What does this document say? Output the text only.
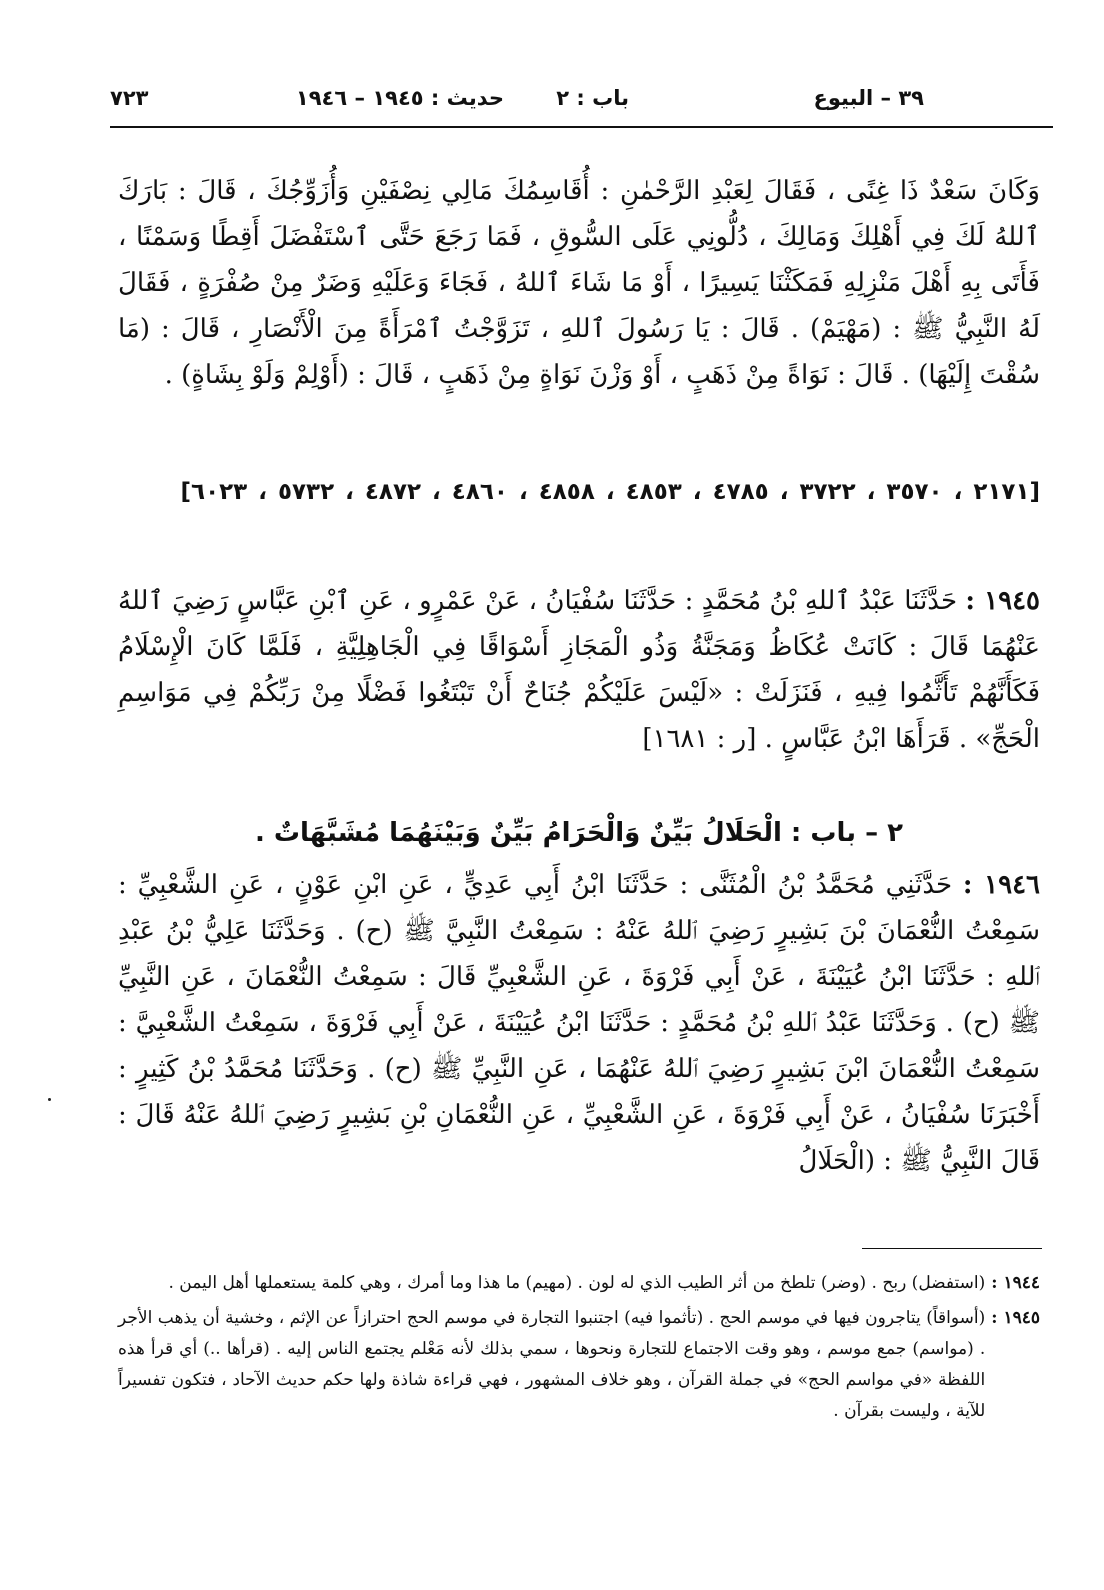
٣٩ – البيوع
باب : ٢
حديث : ١٩٤٥ – ١٩٤٦
٧٢٣

وَكَانَ سَعْدٌ ذَا غِنًى ، فَقَالَ لِعَبْدِ الرَّحْمٰنِ : أُقَاسِمُكَ مَالِي نِصْفَيْنِ وَأُزَوِّجُكَ ، قَالَ : بَارَكَ ٱللهُ لَكَ فِي أَهْلِكَ وَمَالِكَ ، دُلُّونِي عَلَى السُّوقِ ، فَمَا رَجَعَ حَتَّى ٱسْتَفْضَلَ أَقِطًا وَسَمْنًا ، فَأَتَى بِهِ أَهْلَ مَنْزِلِهِ فَمَكَثْنَا يَسِيرًا ، أَوْ مَا شَاءَ ٱللهُ ، فَجَاءَ وَعَلَيْهِ وَضَرٌ مِنْ صُفْرَةٍ ، فَقَالَ لَهُ النَّبِيُّ ﷺ : (مَهْيَمْ) . قَالَ : يَا رَسُولَ ٱللهِ ، تَزَوَّجْتُ ٱمْرَأَةً مِنَ الْأَنْصَارِ ، قَالَ : (مَا سُقْتَ إِلَيْهَا) . قَالَ : نَوَاةً مِنْ ذَهَبٍ ، أَوْ وَزْنَ نَوَاةٍ مِنْ ذَهَبٍ ، قَالَ : (أَوْلِمْ وَلَوْ بِشَاةٍ) .

[٢١٧١ ، ٣٥٧٠ ، ٣٧٢٢ ، ٤٧٨٥ ، ٤٨٥٣ ، ٤٨٥٨ ، ٤٨٦٠ ، ٤٨٧٢ ، ٥٧٣٢ ، ٦٠٢٣]

١٩٤٥ : حَدَّثَنَا عَبْدُ ٱللهِ بْنُ مُحَمَّدٍ : حَدَّثَنَا سُفْيَانُ ، عَنْ عَمْرٍو ، عَنِ ٱبْنِ عَبَّاسٍ رَضِيَ ٱللهُ عَنْهُمَا قَالَ : كَانَتْ عُكَاظُ وَمَجَنَّةُ وَذُو الْمَجَازِ أَسْوَاقًا فِي الْجَاهِلِيَّةِ ، فَلَمَّا كَانَ الْإِسْلَامُ فَكَأَنَّهُمْ تَأَثَّمُوا فِيهِ ، فَنَزَلَتْ : «لَيْسَ عَلَيْكُمْ جُنَاحٌ أَنْ تَبْتَغُوا فَضْلًا مِنْ رَبِّكُمْ فِي مَوَاسِمِ الْحَجِّ» . قَرَأَهَا ابْنُ عَبَّاسٍ . [ر : ١٦٨١]

٢ – باب : الْحَلَالُ بَيِّنٌ وَالْحَرَامُ بَيِّنٌ وَبَيْنَهُمَا مُشَبَّهَاتٌ .

١٩٤٦ : حَدَّثَنِي مُحَمَّدُ بْنُ الْمُثَنَّى : حَدَّثَنَا ابْنُ أَبِي عَدِيٍّ ، عَنِ ابْنِ عَوْنٍ ، عَنِ الشَّعْبِيِّ : سَمِعْتُ النُّعْمَانَ بْنَ بَشِيرٍ رَضِيَ ٱللهُ عَنْهُ : سَمِعْتُ النَّبِيَّ ﷺ (ح) . وَحَدَّثَنَا عَلِيُّ بْنُ عَبْدِ ٱللهِ : حَدَّثَنَا ابْنُ عُيَيْنَةَ ، عَنْ أَبِي فَرْوَةَ ، عَنِ الشَّعْبِيِّ قَالَ : سَمِعْتُ النُّعْمَانَ ، عَنِ النَّبِيِّ ﷺ (ح) . وَحَدَّثَنَا عَبْدُ ٱللهِ بْنُ مُحَمَّدٍ : حَدَّثَنَا ابْنُ عُيَيْنَةَ ، عَنْ أَبِي فَرْوَةَ ، سَمِعْتُ الشَّعْبِيَّ : سَمِعْتُ النُّعْمَانَ ابْنَ بَشِيرٍ رَضِيَ ٱللهُ عَنْهُمَا ، عَنِ النَّبِيِّ ﷺ (ح) . وَحَدَّثَنَا مُحَمَّدُ بْنُ كَثِيرٍ : أَخْبَرَنَا سُفْيَانُ ، عَنْ أَبِي فَرْوَةَ ، عَنِ الشَّعْبِيِّ ، عَنِ النُّعْمَانِ بْنِ بَشِيرٍ رَضِيَ ٱللهُ عَنْهُ قَالَ : قَالَ النَّبِيُّ ﷺ : (الْحَلَالُ

١٩٤٤ :
(استفضل) ربح . (وضر) تلطخ من أثر الطيب الذي له لون . (مهيم) ما هذا وما أمرك ، وهي كلمة يستعملها أهل اليمن .
١٩٤٥ :
(أسواقاً) يتاجرون فيها في موسم الحج . (تأثموا فيه) اجتنبوا التجارة في موسم الحج احترازاً عن الإثم ، وخشية أن يذهب الأجر . (مواسم) جمع موسم ، وهو وقت الاجتماع للتجارة ونحوها ، سمي بذلك لأنه مَعْلم يجتمع الناس إليه . (قرأها ..) أي قرأ هذه اللفظة «في مواسم الحج» في جملة القرآن ، وهو خلاف المشهور ، فهي قراءة شاذة ولها حكم حديث الآحاد ، فتكون تفسيراً للآية ، وليست بقرآن .
